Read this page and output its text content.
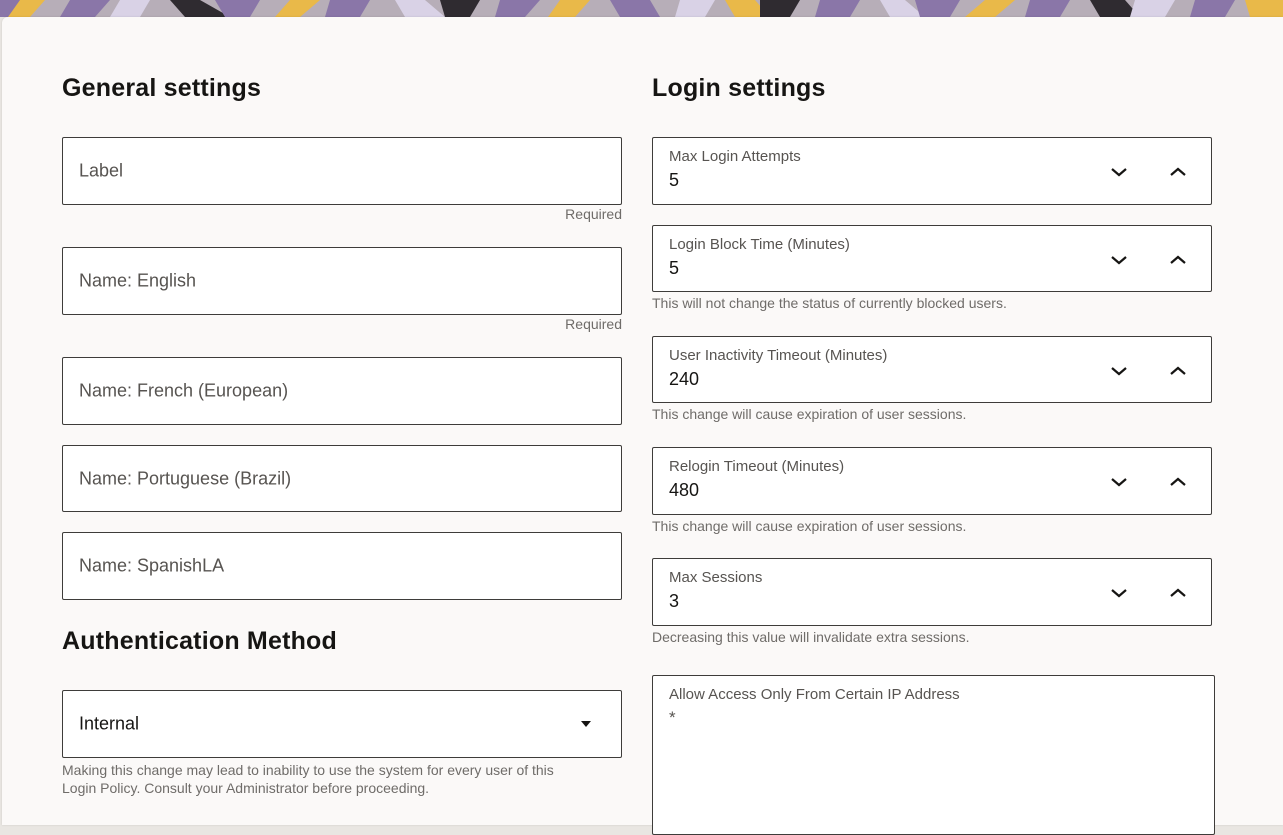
General settings
Label
Required
Name: English
Required
Name: French (European)
Name: Portuguese (Brazil)
Name: SpanishLA
Authentication Method
Internal
Making this change may lead to inability to use the system for every user of this
Login Policy. Consult your Administrator before proceeding.
Login settings
Max Login Attempts
5
Login Block Time (Minutes)
5
This will not change the status of currently blocked users.
User Inactivity Timeout (Minutes)
240
This change will cause expiration of user sessions.
Relogin Timeout (Minutes)
480
This change will cause expiration of user sessions.
Max Sessions
3
Decreasing this value will invalidate extra sessions.
Allow Access Only From Certain IP Address
*
